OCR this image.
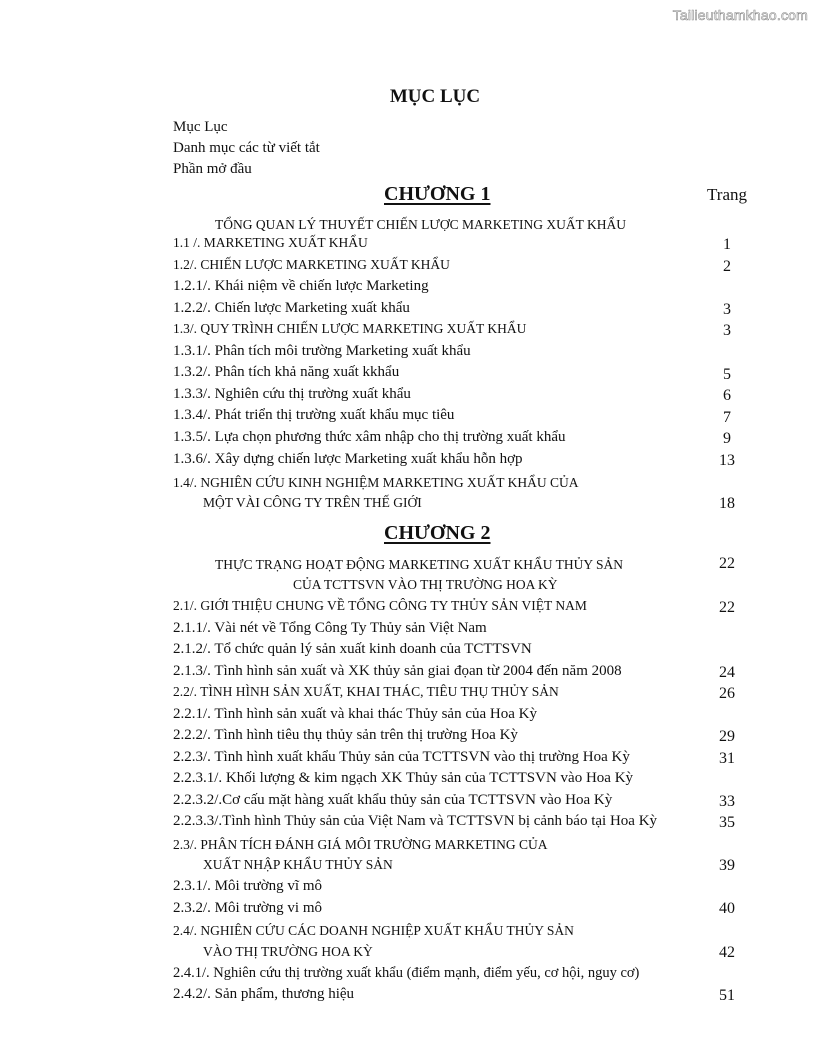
Tailieuthamkhao.com
MỤC LỤC
Mục Lục
Danh mục các từ viết tắt
Phần mở đầu
CHƯƠNG 1	Trang
TỔNG QUAN LÝ THUYẾT CHIẾN LƯỢC MARKETING XUẤT KHẨU
1.1 /. MARKETING XUẤT KHẨU	1
1.2/. CHIẾN LƯỢC MARKETING XUẤT KHẨU	2
1.2.1/. Khái niệm về chiến lược Marketing
1.2.2/. Chiến lược Marketing xuất khẩu	3
1.3/. QUY TRÌNH CHIẾN LƯỢC MARKETING XUẤT KHẨU	3
1.3.1/. Phân tích môi trường Marketing xuất khẩu
1.3.2/. Phân tích khả năng xuất kkhẩu	5
1.3.3/. Nghiên cứu thị trường xuất khẩu	6
1.3.4/. Phát triển thị trường xuất khẩu mục tiêu	7
1.3.5/. Lựa chọn phương thức xâm nhập cho thị trường xuất khẩu	9
1.3.6/. Xây dựng chiến lược Marketing xuất khẩu hỗn hợp	13
1.4/. NGHIÊN CỨU KINH NGHIỆM MARKETING XUẤT KHẨU CỦA
MỘT VÀI CÔNG TY TRÊN THẾ GIỚI	18
CHƯƠNG 2
THỰC TRẠNG HOẠT ĐỘNG MARKETING XUẤT KHẨU THỦY SẢN	22
CỦA TCTTSVN VÀO THỊ TRƯỜNG HOA KỲ
2.1/. GIỚI THIỆU CHUNG VỀ TỔNG CÔNG TY THỦY SẢN VIỆT NAM	22
2.1.1/. Vài nét về Tổng Công Ty Thủy sản Việt Nam
2.1.2/. Tổ chức quản lý sản xuất kinh doanh của TCTTSVN
2.1.3/. Tình hình sản xuất và XK thủy sản giai đọan từ 2004 đến năm 2008	24
2.2/. TÌNH HÌNH SẢN XUẤT, KHAI THÁC, TIÊU THỤ THỦY SẢN	26
2.2.1/. Tình hình sản xuất và khai thác Thủy sản của Hoa Kỳ
2.2.2/. Tình hình tiêu thụ thủy sản trên thị trường Hoa Kỳ	29
2.2.3/. Tình hình xuất khẩu Thủy sản của TCTTSVN vào thị trường Hoa Kỳ	31
2.2.3.1/. Khối lượng & kim ngạch XK Thủy sản của TCTTSVN vào Hoa Kỳ
2.2.3.2/.Cơ cấu mặt hàng xuất khẩu thủy sản của TCTTSVN vào Hoa Kỳ	33
2.2.3.3/.Tình hình Thủy sản của Việt Nam và TCTTSVN bị cảnh báo tại Hoa Kỳ	35
2.3/. PHÂN TÍCH ĐÁNH GIÁ MÔI TRƯỜNG MARKETING CỦA
XUẤT NHẬP KHẨU THỦY SẢN	39
2.3.1/. Môi trường vĩ mô
2.3.2/. Môi trường vi mô	40
2.4/. NGHIÊN CỨU CÁC DOANH NGHIỆP XUẤT KHẨU THỦY SẢN
VÀO THỊ TRƯỜNG HOA KỲ	42
2.4.1/. Nghiên cứu thị trường xuất khẩu (điểm mạnh, điểm yếu, cơ hội, nguy cơ)
2.4.2/. Sản phẩm, thương hiệu	51
